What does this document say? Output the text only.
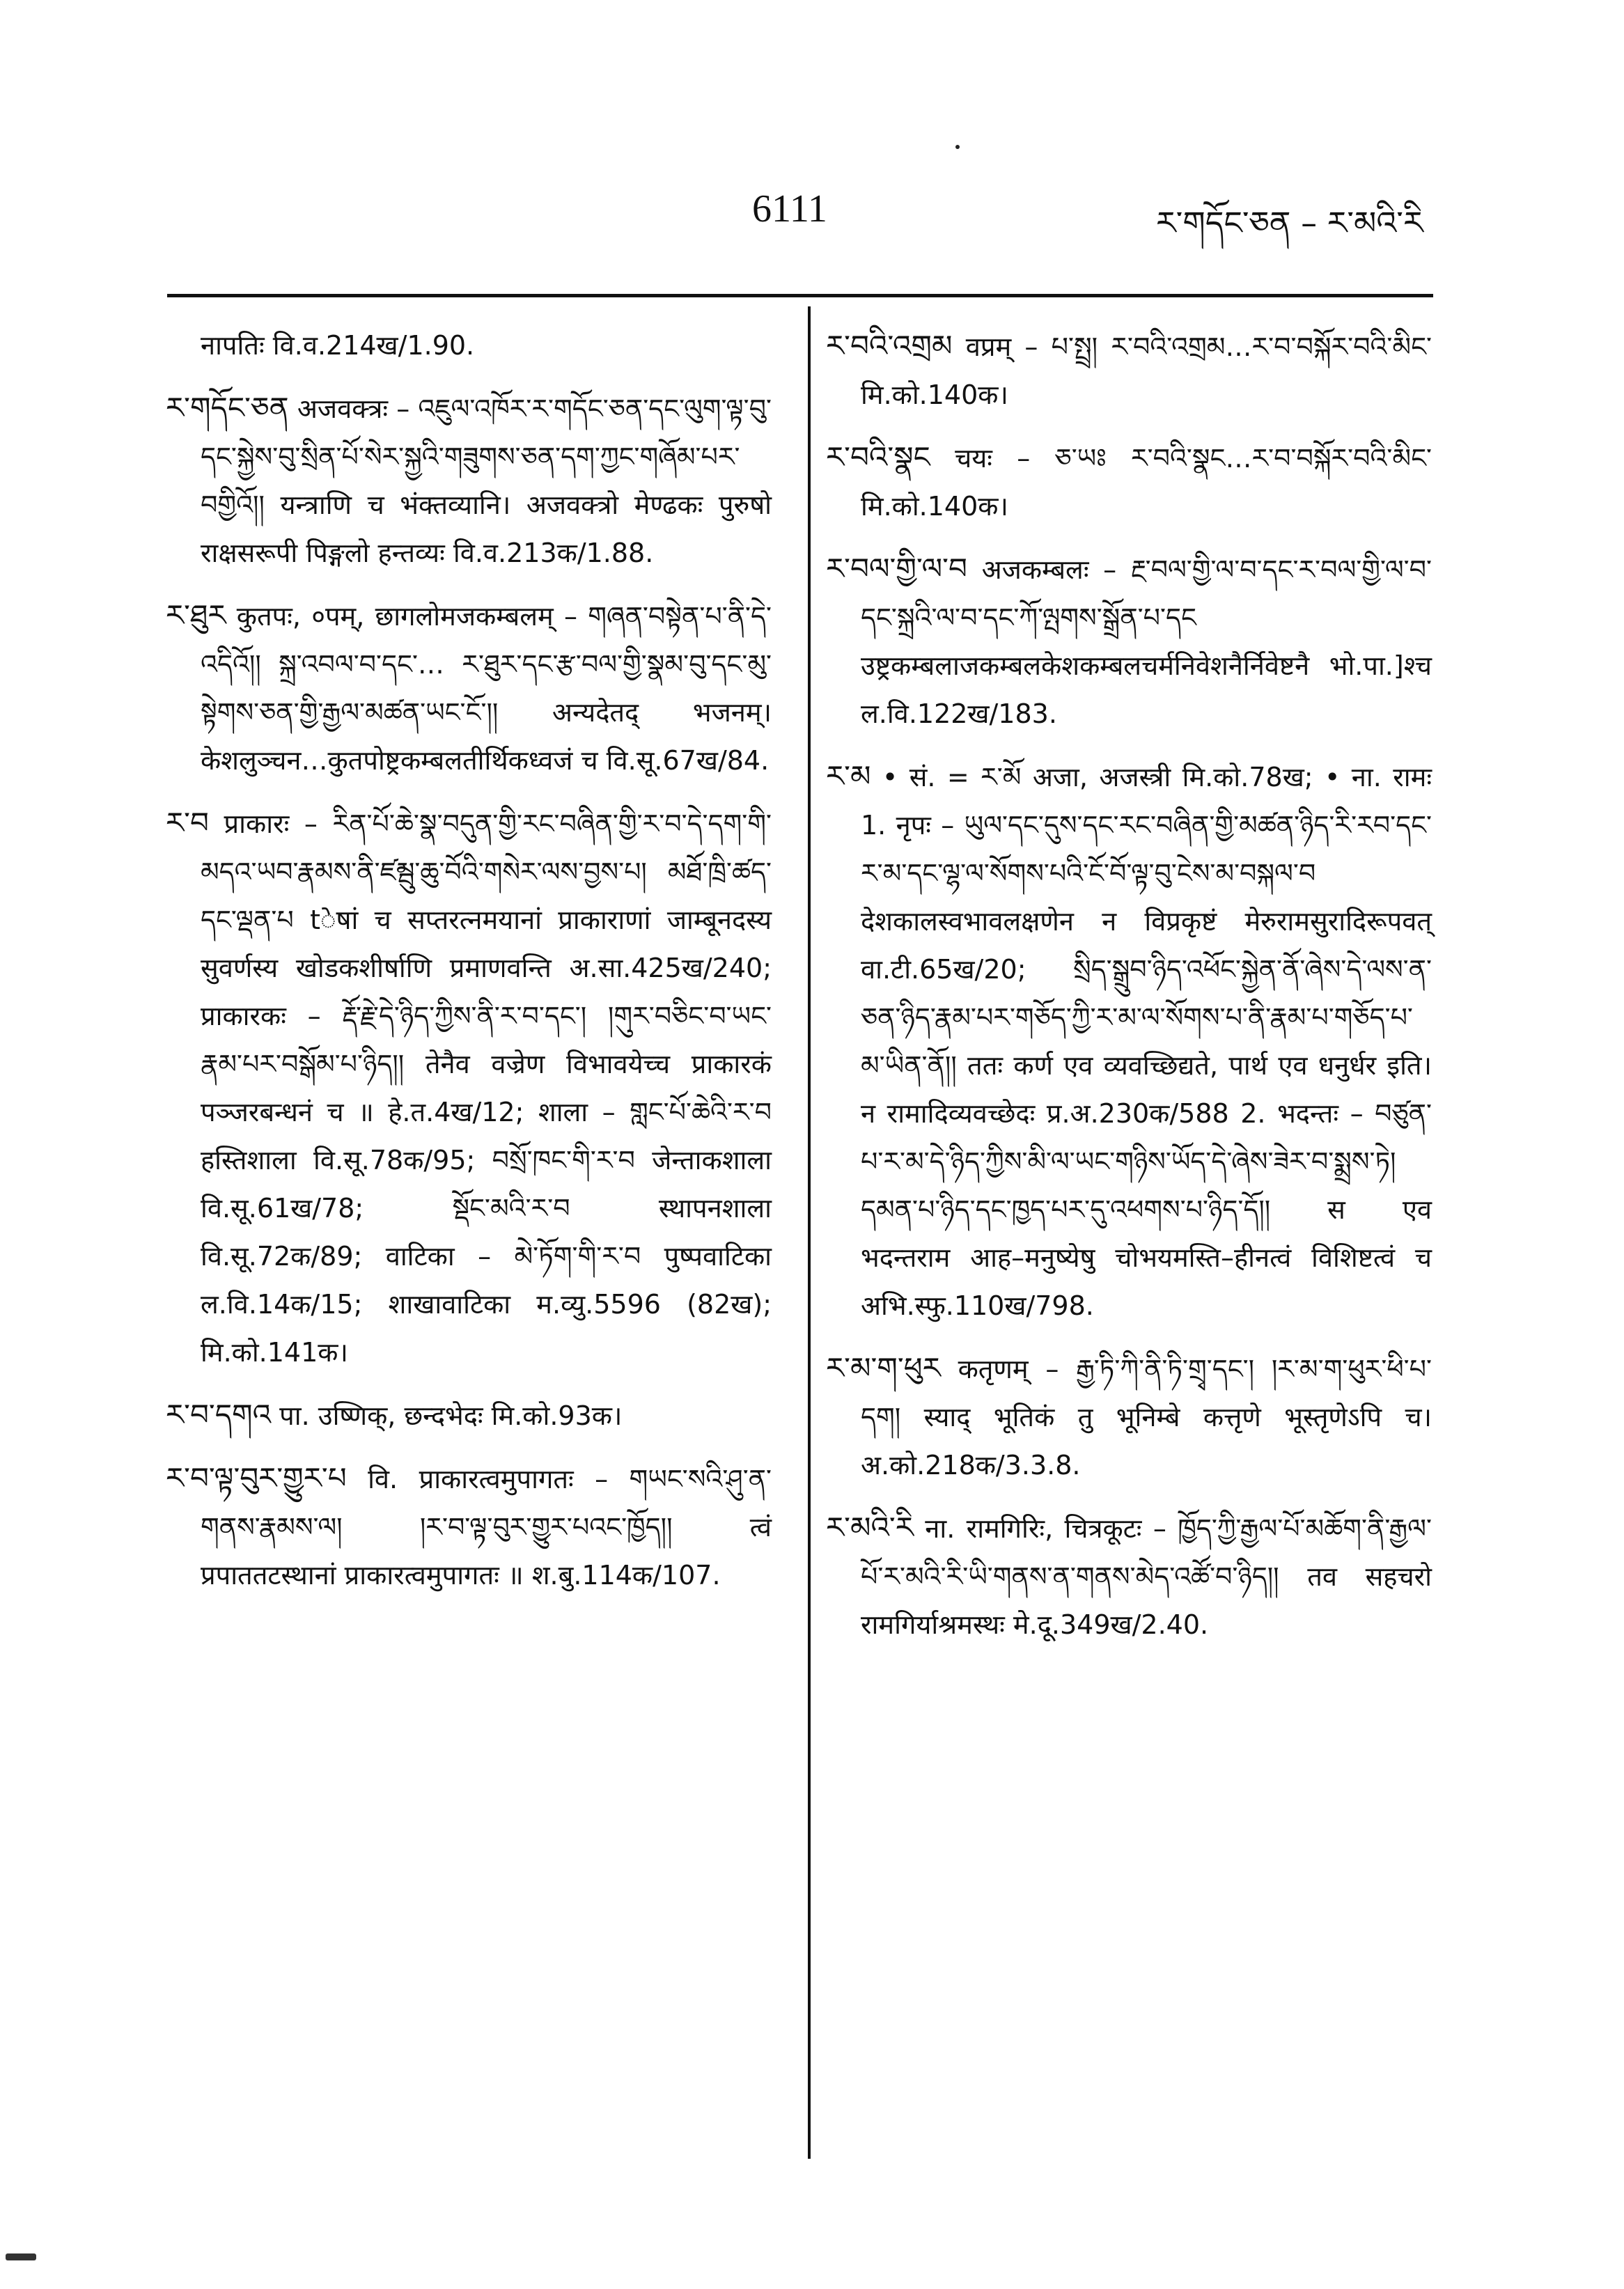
6111	ར་གདོང་ཅན – ར་མའི་རི

नापतिः वि.व.214ख/1.90.

ར་གདོང་ཅན अजवक्त्रः – འཇུལ་འཁོར་ར་གདོང་ཅན་དང་ལུག་ལྟ་བུ་དང་སྐྱེས་བུ་སྲིན་པོ་སེར་སྐྱའི་གཟུགས་ཅན་དག་ཀྱང་གཞོམ་པར་བགྱིའོ།། यन्त्राणि च भंक्तव्यानि। अजवक्त्रो मेण्ढकः पुरुषो राक्षसरूपी पिङ्गलो हन्तव्यः वि.व.213क/1.88.

ར་ཐུར कुतपः, ०पम्, छागलोमजकम्बलम् – གཞན་བསྟེན་པ་ནི་དེ་འདིའོ།། སྐྲ་འབལ་བ་དང་… ར་ཐུར་དང་རྩ་བལ་གྱི་སྣམ་བུ་དང་མུ་སྟེགས་ཅན་གྱི་རྒྱལ་མཚན་ཡང་ངོ་།། अन्यदेतद् भजनम्। केशलुञ्चन…कुतपोष्ट्रकम्बलतीर्थिकध्वजं च वि.सू.67ख/84.

ར་བ प्राकारः – རིན་པོ་ཆེ་སྣ་བདུན་གྱི་རང་བཞིན་གྱི་ར་བ་དེ་དག་གི་མདའ་ཡབ་རྣམས་ནི་ཛམྦུ་ཆུ་བོའི་གསེར་ལས་བྱས་པ། མཐོ་ཁྲི་ཚད་དང་ལྡན་པ tेषां च सप्तरत्नमयानां प्राकाराणां जाम्बूनदस्य सुवर्णस्य खोडकशीर्षाणि प्रमाणवन्ति अ.सा.425ख/240; प्राकारकः – རྡོ་རྗེ་དེ་ཉིད་ཀྱིས་ནི་ར་བ་དང་། །གུར་བཅིང་བ་ཡང་རྣམ་པར་བསྒོམ་པ་ཉིད།། तेनैव वज्रेण विभावयेच्च प्राकारकं पञ्जरबन्धनं च ॥ हे.त.4ख/12; शाला – གླང་པོ་ཆེའི་ར་བ हस्तिशाला वि.सू.78क/95; བསྲོ་ཁང་གི་ར་བ जेन्ताकशाला वि.सू.61ख/78; སྡོང་མའི་ར་བ स्थापनशाला वि.सू.72क/89; वाटिका – མེ་ཏོག་གི་ར་བ पुष्पवाटिका ल.वि.14क/15; शाखावाटिका म.व्यु.5596 (82ख); मि.को.141क।

ར་བ་དགའ पा. उष्णिक्, छन्दभेदः मि.को.93क।

ར་བ་ལྟ་བུར་གྱུར་པ वि. प्राकारत्वमुपागतः – གཡང་སའི་ཤུ་ན་གནས་རྣམས་ལ། །ར་བ་ལྟ་བུར་གྱུར་པའང་ཁྱོད།། त्वं प्रपाततटस्थानां प्राकारत्वमुपागतः ॥ श.बु.114क/107.

ར་བའི་འགྲམ वप्रम् – པ་སྤྲ། ར་བའི་འགྲམ…ར་བ་བསྐོར་བའི་མིང་ मि.को.140क।

ར་བའི་སྣང चयः – ཅ་ཡཿ ར་བའི་སྣང…ར་བ་བསྐོར་བའི་མིང་ मि.को.140क।

ར་བལ་གྱི་ལ་བ अजकम्बलः – རྔ་བལ་གྱི་ལ་བ་དང་ར་བལ་གྱི་ལ་བ་དང་སྐྲའི་ལ་བ་དང་ཀོ་ལྤགས་སྒྲོན་པ་དང उष्ट्रकम्बलाजकम्बलकेशकम्बलचर्मनिवेशनैर्निवेष्टनै भो.पा.]श्च ल.वि.122ख/183.

ར་མ • सं. = ར་མོ अजा, अजस्त्री मि.को.78ख; • ना. रामः 1. नृपः – ཡུལ་དང་དུས་དང་རང་བཞིན་གྱི་མཚན་ཉིད་རི་རབ་དང་ར་མ་དང་ལྷ་ལ་སོགས་པའི་ངོ་བོ་ལྟ་བུ་ངེས་མ་བསྐལ་བ देशकालस्वभावलक्षणेन न विप्रकृष्टं मेरुरामसुरादिरूपवत् वा.टी.65ख/20; སྲིད་སྒྲུབ་ཉིད་འཕོང་སྐྱེན་ནོ་ཞེས་དེ་ལས་ན་ཅན་ཉིད་རྣམ་པར་གཅོད་ཀྱི་ར་མ་ལ་སོགས་པ་ནི་རྣམ་པ་གཅོད་པ་མ་ཡིན་ནོ།། ततः कर्ण एव व्यवच्छिद्यते, पार्थ एव धनुर्धर इति। न रामादिव्यवच्छेदः प्र.अ.230क/588 2. भदन्तः – བཙུན་པ་ར་མ་དེ་ཉིད་ཀྱིས་མི་ལ་ཡང་གཉིས་ཡོད་དེ་ཞེས་ཟེར་བ་སྨྲས་ཏེ། དམན་པ་ཉིད་དང་ཁྱད་པར་དུ་འཕགས་པ་ཉིད་དོ།། स एव भदन्तराम आह–मनुष्येषु चोभयमस्ति–हीनत्वं विशिष्टत्वं च अभि.स्फु.110ख/798.

ར་མ་ག་ཕུར कतृणम् – རྒྱ་ཏི་ཀི་ནི་ཏི་གྲྭ་དང་། །ར་མ་ག་ཕུར་ཕི་པ་དག། स्याद् भूतिकं तु भूनिम्बे कत्तृणे भूस्तृणेऽपि च। अ.को.218क/3.3.8.

ར་མའི་རི ना. रामगिरिः, चित्रकूटः – ཁྱོད་ཀྱི་རྒྱལ་པོ་མཆོག་ནི་རྒྱལ་པོ་ར་མའི་རི་ཡི་གནས་ན་གནས་མེད་འཚོ་བ་ཉིད།། तव सहचरो रामगिर्याश्रमस्थः मे.दू.349ख/2.40.
